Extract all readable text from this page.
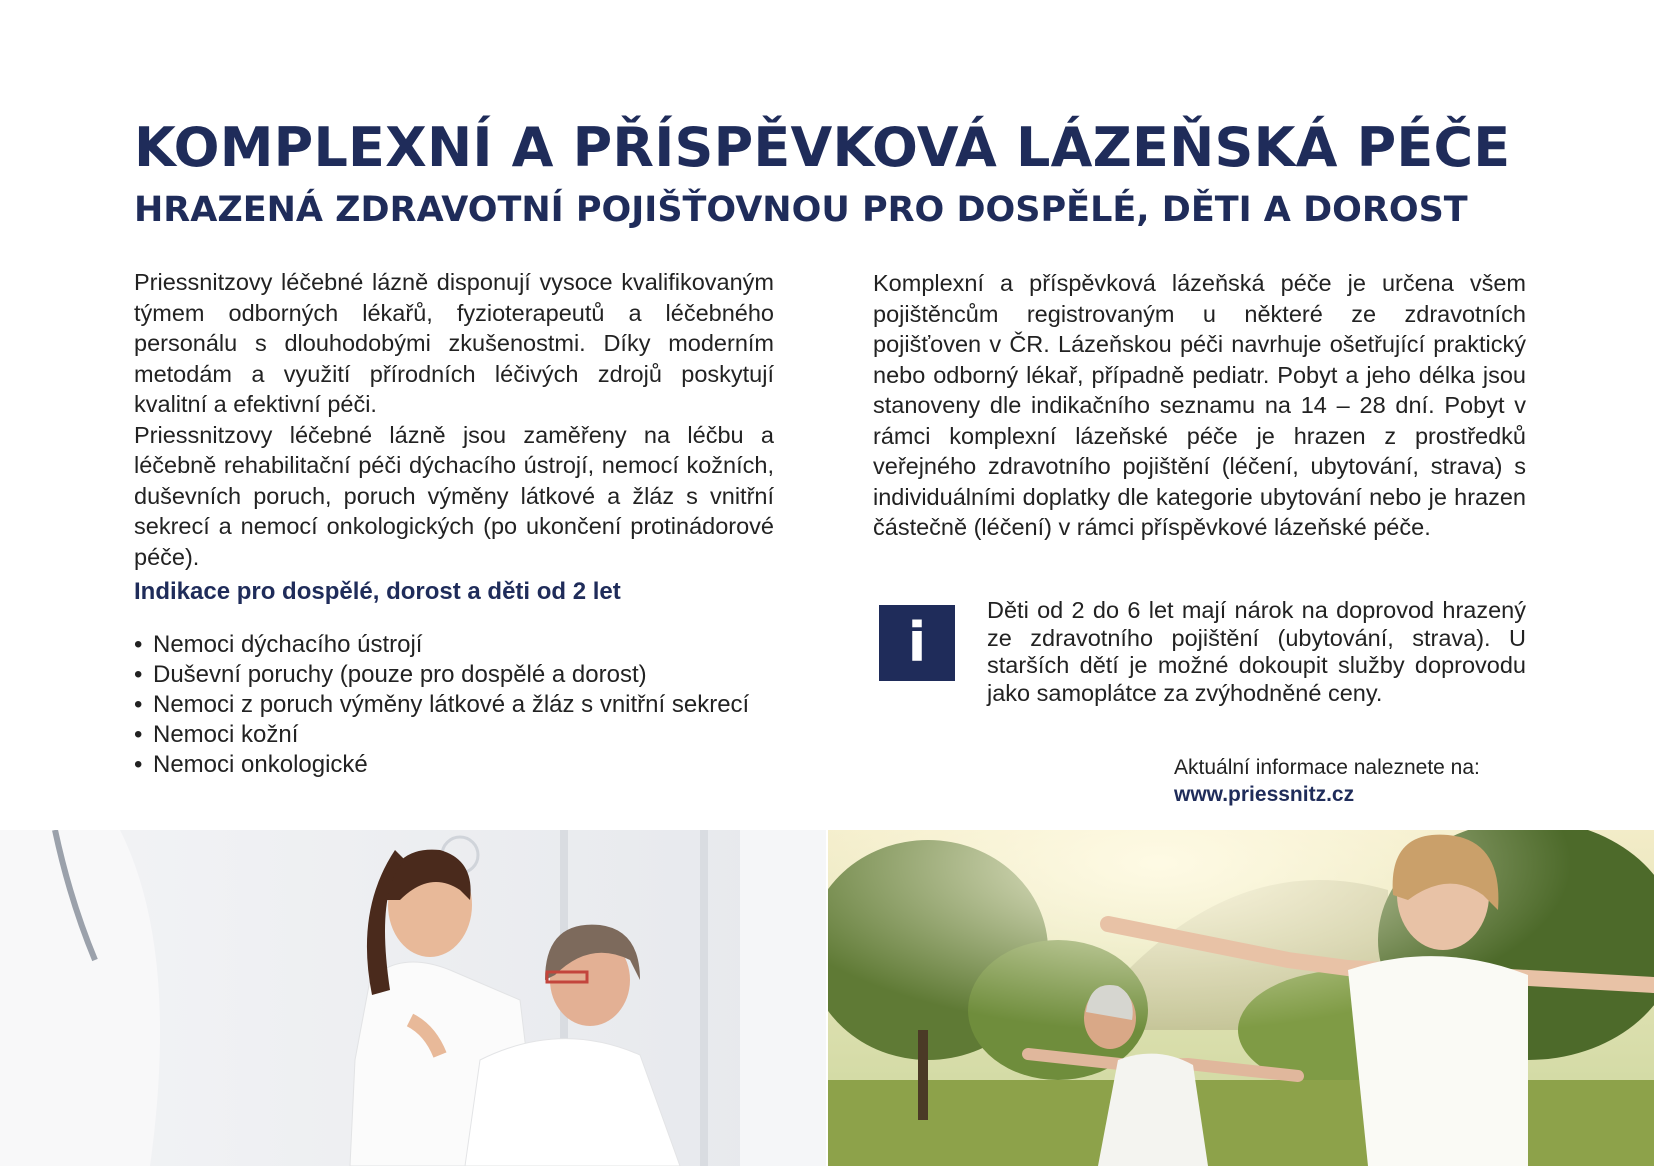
KOMPLEXNÍ A PŘÍSPĚVKOVÁ LÁZEŇSKÁ PÉČE
HRAZENÁ ZDRAVOTNÍ POJIŠŤOVNOU PRO DOSPĚLÉ, DĚTI A DOROST

Priessnitzovy léčebné lázně disponují vysoce kvalifikovaným týmem odborných lékařů, fyzioterapeutů a léčebného personálu s dlouhodobými zkušenostmi. Díky moderním metodám a využití přírodních léčivých zdrojů poskytují kvalitní a efektivní péči.

Priessnitzovy léčebné lázně jsou zaměřeny na léčbu a léčebně rehabilitační péči dýchacího ústrojí, nemocí kožních, duševních poruch, poruch výměny látkové a žláz s vnitřní sekrecí a nemocí onkologických (po ukončení protinádorové péče).

Indikace pro dospělé, dorost a děti od 2 let
• Nemoci dýchacího ústrojí
• Duševní poruchy (pouze pro dospělé a dorost)
• Nemoci z poruch výměny látkové a žláz s vnitřní sekrecí
• Nemoci kožní
• Nemoci onkologické

Komplexní a příspěvková lázeňská péče je určena všem pojištěncům registrovaným u některé ze zdravotních pojišťoven v ČR. Lázeňskou péči navrhuje ošetřující praktický nebo odborný lékař, případně pediatr. Pobyt a jeho délka jsou stanoveny dle indikačního seznamu na 14 – 28 dní. Pobyt v rámci komplexní lázeňské péče je hrazen z prostředků veřejného zdravotního pojištění (léčení, ubytování, strava) s individuálními doplatky dle kategorie ubytování nebo je hrazen částečně (léčení) v rámci příspěvkové lázeňské péče.

i

Děti od 2 do 6 let mají nárok na doprovod hrazený ze zdravotního pojištění (ubytování, strava). U starších dětí je možné dokoupit služby doprovodu jako samoplátce za zvýhodněné ceny.

Aktuální informace naleznete na:

www.priessnitz.cz
